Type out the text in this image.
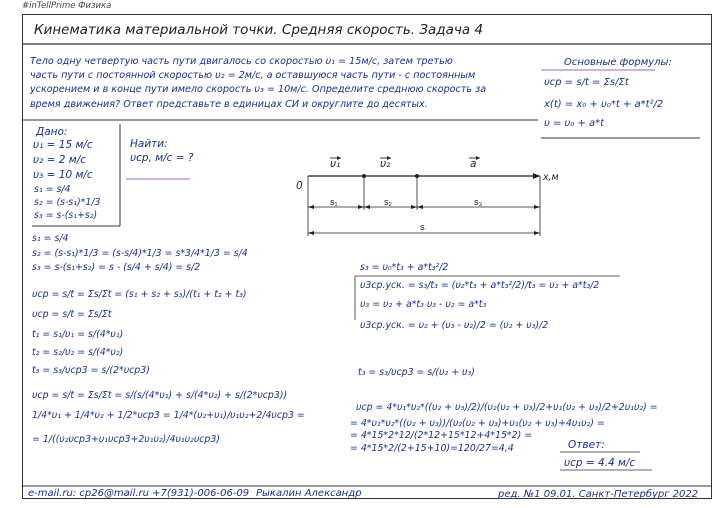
#inTellPrime Физика
Кинематика материальной точки. Средняя скорость. Задача 4
Тело одну четвертую часть пути двигалось со скоростью υ₁ = 15м/с, затем третью
часть пути с постоянной скоростью υ₂ = 2м/с, а оставшуюся часть пути - с постоянным
ускорением и в конце пути имело скорость υ₃ = 10м/с. Определите среднюю скорость за
время движения? Ответ представьте в единицах СИ и округлите до десятых.
Основные формулы:
υср = s/t = Σs/Σt
x(t) = x₀ + υ₀*t + a*t²/2
υ = υ₀ + a*t
Дано:
υ₁ = 15 м/с
υ₂ = 2 м/с
υ₃ = 10 м/с
s₁ = s/4
s₂ = (s-s₁)*1/3
s₃ = s-(s₁+s₂)
Найти:
υср, м/с = ?
0
x,м
υ₁	υ₂	a
s₁	s₂	s₃
s
s₁ = s/4
s₂ = (s-s₁)*1/3 = (s-s/4)*1/3 = s*3/4*1/3 = s/4
s₃ = s-(s₁+s₂) = s - (s/4 + s/4) = s/2
υср = s/t = Σs/Σt = (s₁ + s₂ + s₃)/(t₁ + t₂ + t₃)
υср = s/t = Σs/Σt
t₁ = s₁/υ₁ = s/(4*υ₁)
t₂ = s₂/υ₂ = s/(4*υ₂)
t₃ = s₃/υср3 = s/(2*υср3)
υср = s/t = Σs/Σt = s/(s/(4*υ₁) + s/(4*υ₂) + s/(2*υср3))
1/4*υ₁ + 1/4*υ₂ + 1/2*υср3 = 1/4*(υ₂+υ₁)/υ₁υ₂+2/4υср3 =
= 1/((υ₂υср3+υ₁υср3+2υ₁υ₂)/4υ₁υ₂υср3)
s₃ = υ₀*t₃ + a*t₃²/2
υ3ср.уск. = s₃/t₃ = (υ₂*t₃ + a*t₃²/2)/t₃ = υ₂ + a*t₃/2
υ₃ = υ₂ + a*t₃ υ₃ - υ₂ = a*t₃
υ3ср.уск. = υ₂ + (υ₃ - υ₂)/2 = (υ₂ + υ₃)/2
t₃ = s₃/υср3 = s/(υ₂ + υ₃)
υср = 4*υ₁*υ₂*((υ₂ + υ₃)/2)/(υ₂(υ₂ + υ₃)/2+υ₁(υ₂ + υ₃)/2+2υ₁υ₂) =
= 4*υ₁*υ₂*((υ₂ + υ₃))/(υ₂(υ₂ + υ₃)+υ₁(υ₂ + υ₃)+4υ₁υ₂) =
= 4*15*2*12/(2*12+15*12+4*15*2) =
= 4*15*2/(2+15+10)=120/27=4,4	Ответ:
υср = 4.4 м/с
e-mail.ru: cp26@mail.ru +7(931)-006-06-09 Рыкалин Александр	ред. №1 09.01. Санкт-Петербург 2022
